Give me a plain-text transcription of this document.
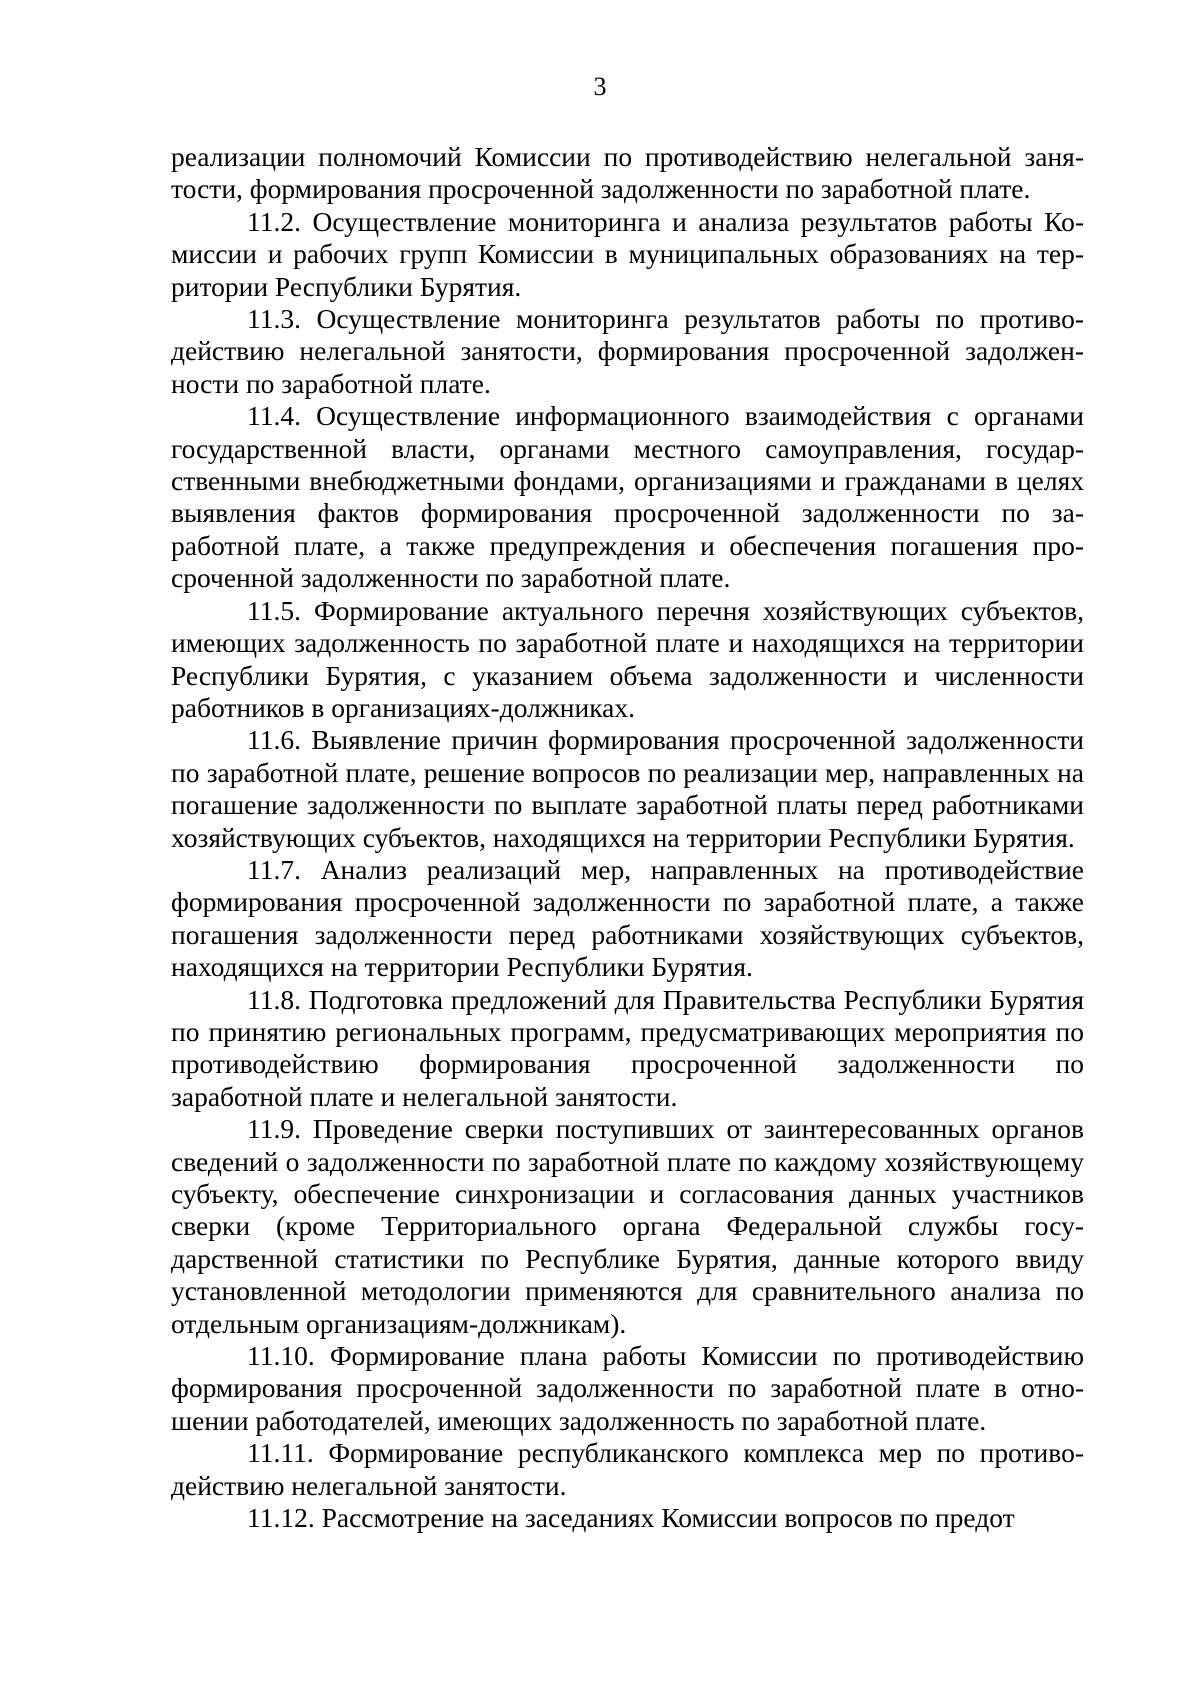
3

реализации полномочий Комиссии по противодействию нелегальной занятости, формирования просроченной задолженности по заработной плате.

11.2. Осуществление мониторинга и анализа результатов работы Комиссии и рабочих групп Комиссии в муниципальных образованиях на территории Республики Бурятия.

11.3. Осуществление мониторинга результатов работы по противодействию нелегальной занятости, формирования просроченной задолженности по заработной плате.

11.4. Осуществление информационного взаимодействия с органами государственной власти, органами местного самоуправления, государственными внебюджетными фондами, организациями и гражданами в целях выявления фактов формирования просроченной задолженности по заработной плате, а также предупреждения и обеспечения погашения просроченной задолженности по заработной плате.

11.5. Формирование актуального перечня хозяйствующих субъектов, имеющих задолженность по заработной плате и находящихся на территории Республики Бурятия, с указанием объема задолженности и численности работников в организациях-должниках.

11.6. Выявление причин формирования просроченной задолженности по заработной плате, решение вопросов по реализации мер, направленных на погашение задолженности по выплате заработной платы перед работниками хозяйствующих субъектов, находящихся на территории Республики Бурятия.

11.7. Анализ реализаций мер, направленных на противодействие формирования просроченной задолженности по заработной плате, а также погашения задолженности перед работниками хозяйствующих субъектов, находящихся на территории Республики Бурятия.

11.8. Подготовка предложений для Правительства Республики Бурятия по принятию региональных программ, предусматривающих мероприятия по противодействию формирования просроченной задолженности по заработной плате и нелегальной занятости.

11.9. Проведение сверки поступивших от заинтересованных органов сведений о задолженности по заработной плате по каждому хозяйствующему субъекту, обеспечение синхронизации и согласования данных участников сверки (кроме Территориального органа Федеральной службы государственной статистики по Республике Бурятия, данные которого ввиду установленной методологии применяются для сравнительного анализа по отдельным организациям-должникам).

11.10. Формирование плана работы Комиссии по противодействию формирования просроченной задолженности по заработной плате в отношении работодателей, имеющих задолженность по заработной плате.

11.11. Формирование республиканского комплекса мер по противодействию нелегальной занятости.

11.12. Рассмотрение на заседаниях Комиссии вопросов по предот
